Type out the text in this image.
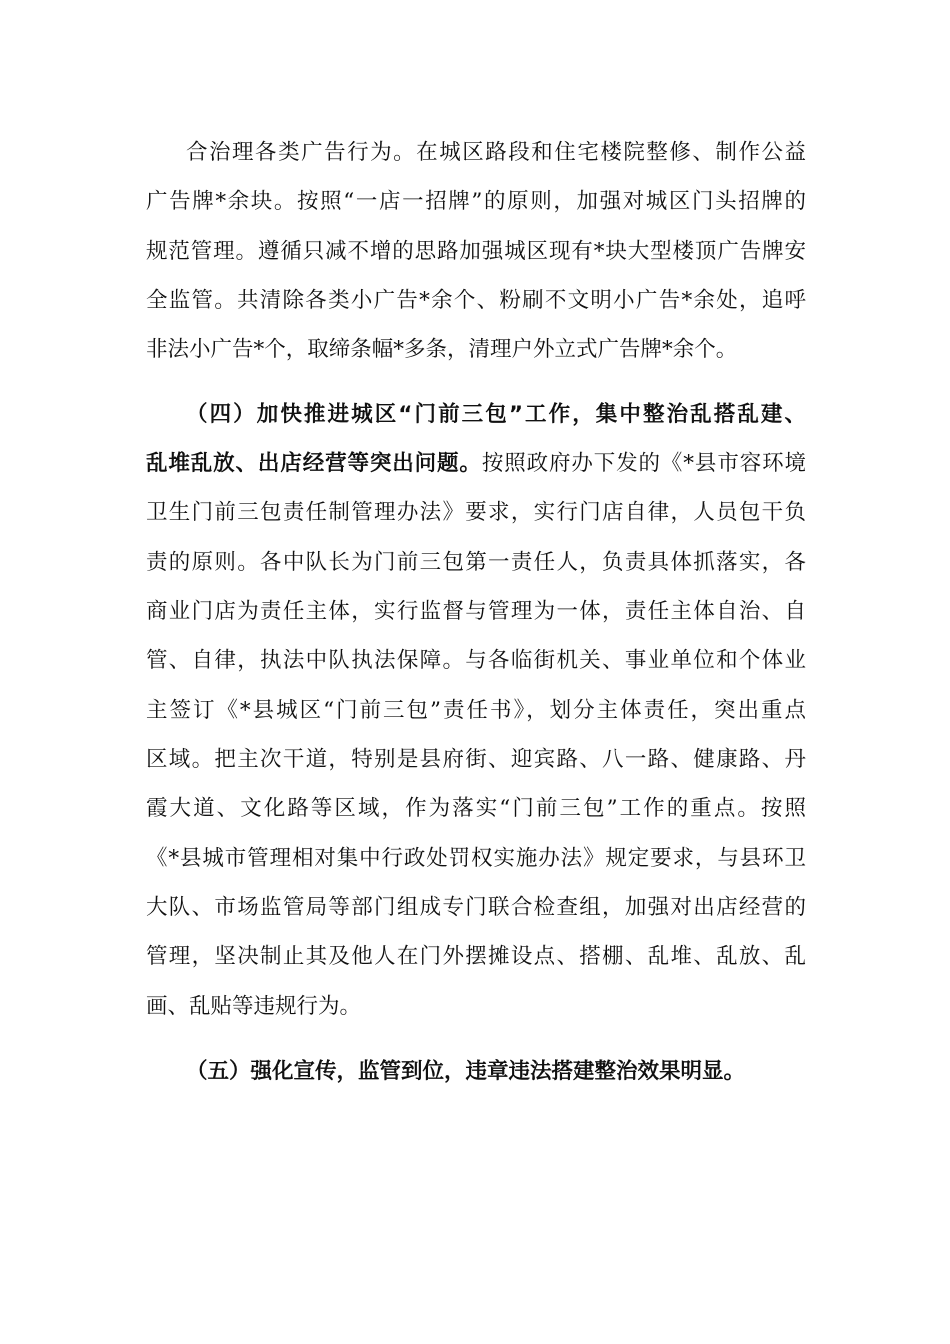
合治理各类广告行为。在城区路段和住宅楼院整修、制作公益
广告牌*余块。按照“一店一招牌”的原则，加强对城区门头招牌的
规范管理。遵循只减不增的思路加强城区现有*块大型楼顶广告牌安
全监管。共清除各类小广告*余个、粉刷不文明小广告*余处，追呼
非法小广告*个，取缔条幅*多条，清理户外立式广告牌*余个。
（四）加快推进城区“门前三包”工作，集中整治乱搭乱建、
乱堆乱放、出店经营等突出问题。按照政府办下发的《*县市容环境
卫生门前三包责任制管理办法》要求，实行门店自律，人员包干负
责的原则。各中队长为门前三包第一责任人，负责具体抓落实，各
商业门店为责任主体，实行监督与管理为一体，责任主体自治、自
管、自律，执法中队执法保障。与各临街机关、事业单位和个体业
主签订《*县城区“门前三包”责任书》，划分主体责任，突出重点
区域。把主次干道，特别是县府街、迎宾路、八一路、健康路、丹
霞大道、文化路等区域，作为落实“门前三包”工作的重点。按照
《*县城市管理相对集中行政处罚权实施办法》规定要求，与县环卫
大队、市场监管局等部门组成专门联合检查组，加强对出店经营的
管理，坚决制止其及他人在门外摆摊设点、搭棚、乱堆、乱放、乱
画、乱贴等违规行为。
（五）强化宣传，监管到位，违章违法搭建整治效果明显。
